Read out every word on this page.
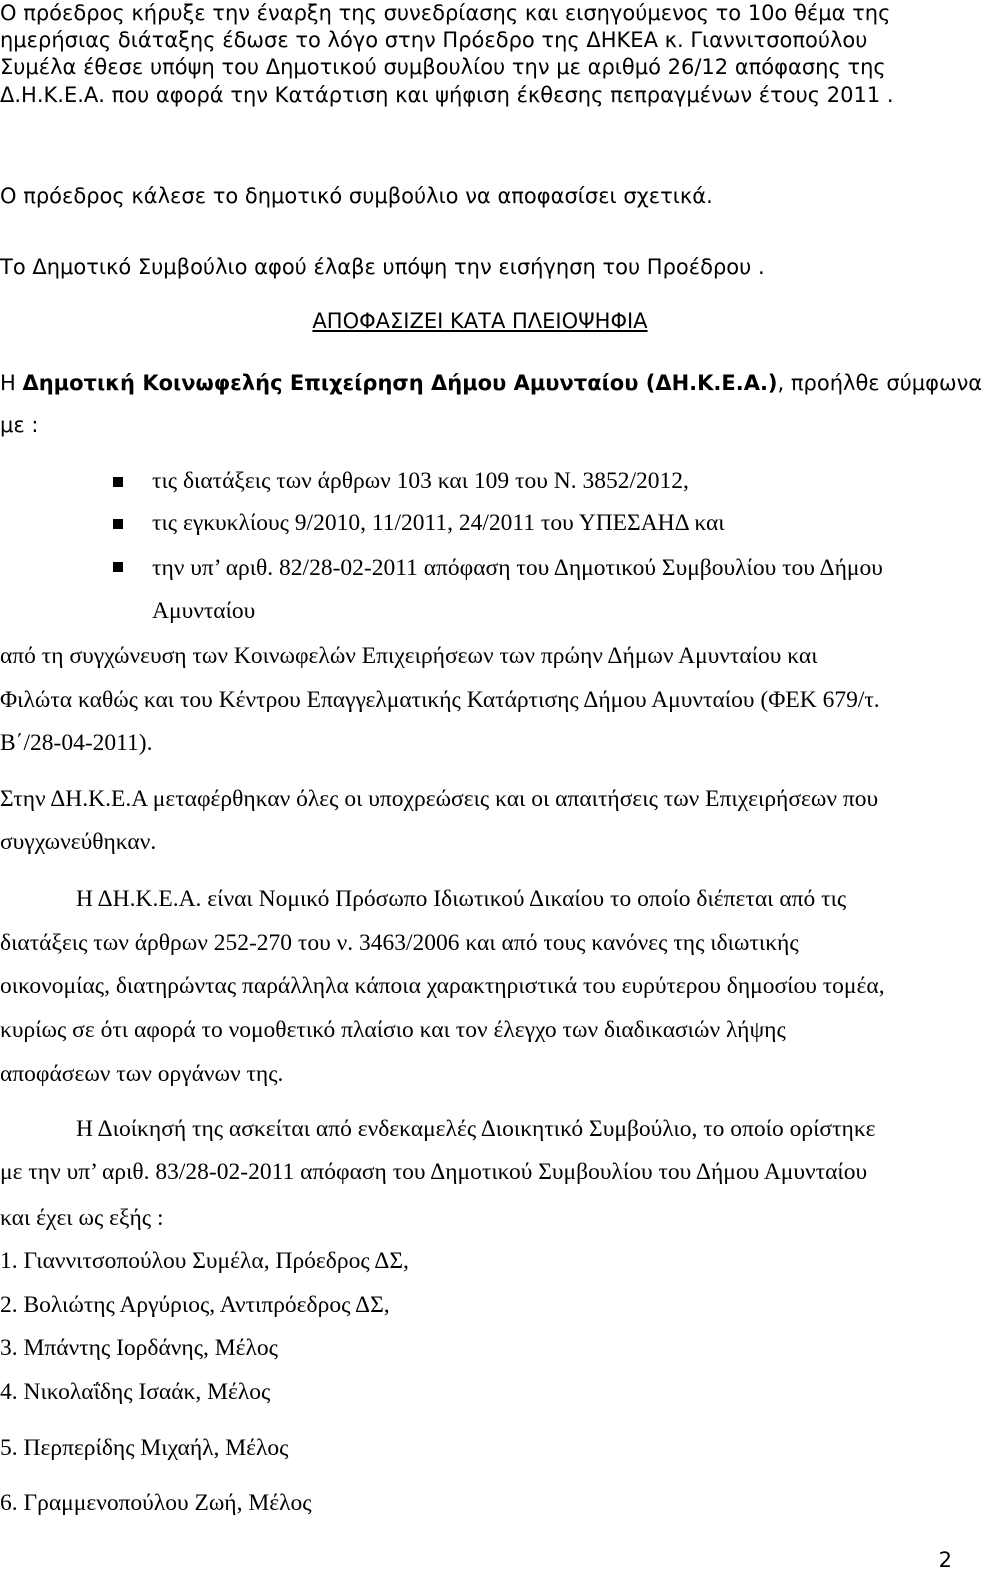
Ο πρόεδρος κήρυξε την έναρξη της συνεδρίασης και εισηγούμενος το 10ο θέμα της
ημερήσιας διάταξης έδωσε το λόγο στην Πρόεδρο της ΔΗΚΕΑ κ. Γιαννιτσοπούλου
Συμέλα έθεσε υπόψη του Δημοτικού συμβουλίου την με αριθμό 26/12 απόφασης της
Δ.Η.Κ.Ε.Α. που αφορά την Κατάρτιση και ψήφιση έκθεσης πεπραγμένων έτους 2011 .
Ο πρόεδρος κάλεσε το δημοτικό συμβούλιο να αποφασίσει σχετικά.
Το Δημοτικό Συμβούλιο αφού έλαβε υπόψη την εισήγηση του Προέδρου .
ΑΠΟΦΑΣΙΖΕΙ ΚΑΤΑ ΠΛΕΙΟΨΗΦΙΑ
Η Δημοτική Κοινωφελής Επιχείρηση Δήμου Αμυνταίου (ΔΗ.Κ.Ε.Α.), προήλθε σύμφωνα
με :
τις διατάξεις των άρθρων 103 και 109 του Ν. 3852/2012,
τις εγκυκλίους 9/2010, 11/2011, 24/2011 του ΥΠΕΣΑΗΔ και
την υπ’ αριθ. 82/28-02-2011 απόφαση του Δημοτικού Συμβουλίου του Δήμου
Αμυνταίου
από τη συγχώνευση των Κοινωφελών Επιχειρήσεων των πρώην Δήμων Αμυνταίου και
Φιλώτα καθώς και του Κέντρου Επαγγελματικής Κατάρτισης Δήμου Αμυνταίου (ΦΕΚ 679/τ.
Β΄/28-04-2011).
Στην ΔΗ.Κ.Ε.Α μεταφέρθηκαν όλες οι υποχρεώσεις και οι απαιτήσεις των Επιχειρήσεων που
συγχωνεύθηκαν.
Η ΔΗ.Κ.Ε.Α. είναι Νομικό Πρόσωπο Ιδιωτικού Δικαίου το οποίο διέπεται από τις
διατάξεις των άρθρων 252-270 του ν. 3463/2006 και από τους κανόνες της ιδιωτικής
οικονομίας, διατηρώντας παράλληλα κάποια χαρακτηριστικά του ευρύτερου δημοσίου τομέα,
κυρίως σε ότι αφορά το νομοθετικό πλαίσιο και τον έλεγχο των διαδικασιών λήψης
αποφάσεων των οργάνων της.
Η Διοίκησή της ασκείται από ενδεκαμελές Διοικητικό Συμβούλιο, το οποίο ορίστηκε
με την υπ’ αριθ. 83/28-02-2011 απόφαση του Δημοτικού Συμβουλίου του Δήμου Αμυνταίου
και έχει ως εξής :
1. Γιαννιτσοπούλου Συμέλα, Πρόεδρος ΔΣ,
2. Βολιώτης Αργύριος, Αντιπρόεδρος ΔΣ,
3. Μπάντης Ιορδάνης, Μέλος
4. Νικολαΐδης Ισαάκ, Μέλος
5. Περπερίδης Μιχαήλ, Μέλος
6. Γραμμενοπούλου Ζωή, Μέλος
2
